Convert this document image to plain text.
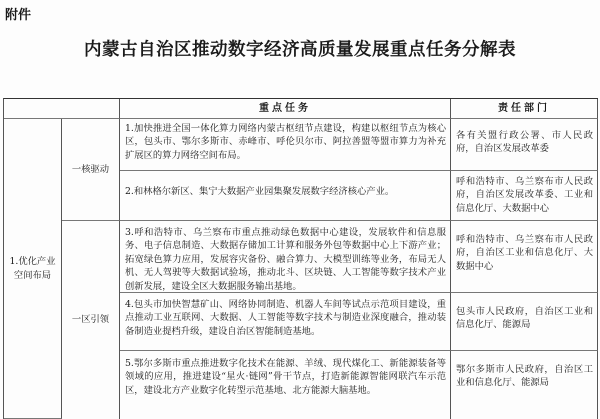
附件
内蒙古自治区推动数字经济高质量发展重点任务分解表
重点任务	责任部门
1.优化产业空间布局
一核驱动
一区引领
1.加快推进全国一体化算力网络内蒙古枢纽节点建设，构建以枢纽节点为核心区，包头市、鄂尔多斯市、赤峰市、呼伦贝尔市、阿拉善盟等盟市算力为补充扩展区的算力网络空间布局。
各有关盟行政公署、市人民政府，自治区发展改革委
2.和林格尔新区、集宁大数据产业园集聚发展数字经济核心产业。
呼和浩特市、乌兰察布市人民政府，自治区发展改革委、工业和信息化厅、大数据中心
3.呼和浩特市、乌兰察布市重点推动绿色数据中心建设，发展软件和信息服务、电子信息制造、大数据存储加工计算和服务外包等数据中心上下游产业；拓宽绿色算力应用，发展容灾备份、融合算力、大模型训练等业务，布局无人机、无人驾驶等大数据试验场，推动北斗、区块链、人工智能等数字技术产业创新发展，建设全区大数据服务输出基地。
呼和浩特市、乌兰察布市人民政府，自治区工业和信息化厅、大数据中心
4.包头市加快智慧矿山、网络协同制造、机器人车间等试点示范项目建设，重点推动工业互联网、大数据、人工智能等数字技术与制造业深度融合，推动装备制造业提档升级，建设自治区智能制造基地。
包头市人民政府，自治区工业和信息化厅、能源局
5.鄂尔多斯市重点推进数字化技术在能源、羊绒、现代煤化工、新能源装备等领域的应用，推进建设“星火·链网”骨干节点，打造新能源智能网联汽车示范区，建设北方产业数字化转型示范基地、北方能源大脑基地。
鄂尔多斯市人民政府，自治区工业和信息化厅、能源局
